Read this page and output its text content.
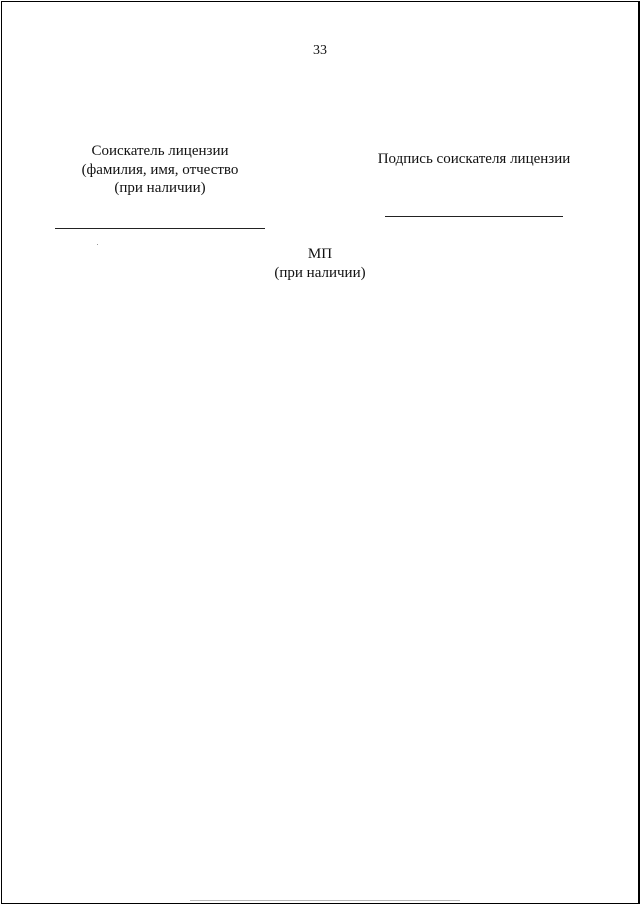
33
Соискатель лицензии
(фамилия, имя, отчество
(при наличии)
Подпись соискателя лицензии
МП
(при наличии)
